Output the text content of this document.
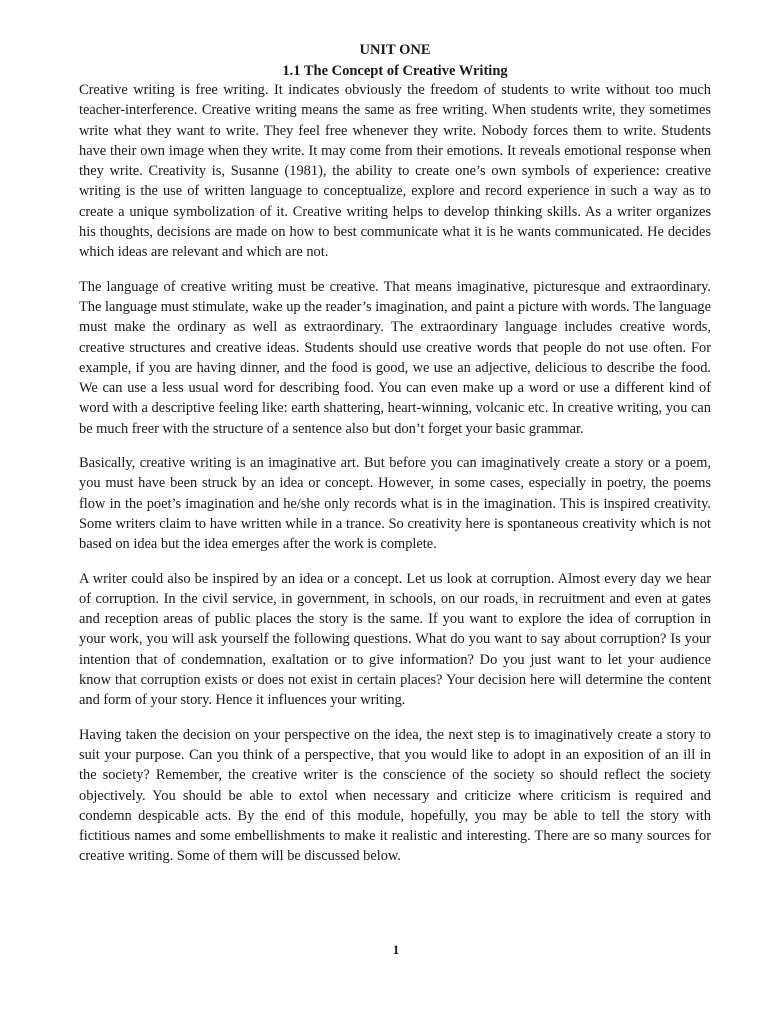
UNIT ONE
1.1 The Concept of Creative Writing

Creative writing is free writing. It indicates obviously the freedom of students to write without too much teacher-interference. Creative writing means the same as free writing. When students write, they sometimes write what they want to write. They feel free whenever they write. Nobody forces them to write. Students have their own image when they write. It may come from their emotions. It reveals emotional response when they write. Creativity is, Susanne (1981), the ability to create one’s own symbols of experience: creative writing is the use of written language to conceptualize, explore and record experience in such a way as to create a unique symbolization of it. Creative writing helps to develop thinking skills. As a writer organizes his thoughts, decisions are made on how to best communicate what it is he wants communicated. He decides which ideas are relevant and which are not.

The language of creative writing must be creative. That means imaginative, picturesque and extraordinary. The language must stimulate, wake up the reader’s imagination, and paint a picture with words. The language must make the ordinary as well as extraordinary. The extraordinary language includes creative words, creative structures and creative ideas. Students should use creative words that people do not use often. For example, if you are having dinner, and the food is good, we use an adjective, delicious to describe the food. We can use a less usual word for describing food. You can even make up a word or use a different kind of word with a descriptive feeling like: earth shattering, heart-winning, volcanic etc. In creative writing, you can be much freer with the structure of a sentence also but don’t forget your basic grammar.

Basically, creative writing is an imaginative art. But before you can imaginatively create a story or a poem, you must have been struck by an idea or concept. However, in some cases, especially in poetry, the poems flow in the poet’s imagination and he/she only records what is in the imagination. This is inspired creativity. Some writers claim to have written while in a trance. So creativity here is spontaneous creativity which is not based on idea but the idea emerges after the work is complete.

A writer could also be inspired by an idea or a concept. Let us look at corruption. Almost every day we hear of corruption. In the civil service, in government, in schools, on our roads, in recruitment and even at gates and reception areas of public places the story is the same. If you want to explore the idea of corruption in your work, you will ask yourself the following questions. What do you want to say about corruption? Is your intention that of condemnation, exaltation or to give information? Do you just want to let your audience know that corruption exists or does not exist in certain places? Your decision here will determine the content and form of your story. Hence it influences your writing.

Having taken the decision on your perspective on the idea, the next step is to imaginatively create a story to suit your purpose. Can you think of a perspective, that you would like to adopt in an exposition of an ill in the society? Remember, the creative writer is the conscience of the society so should reflect the society objectively. You should be able to extol when necessary and criticize where criticism is required and condemn despicable acts. By the end of this module, hopefully, you may be able to tell the story with fictitious names and some embellishments to make it realistic and interesting. There are so many sources for creative writing. Some of them will be discussed below.

1
